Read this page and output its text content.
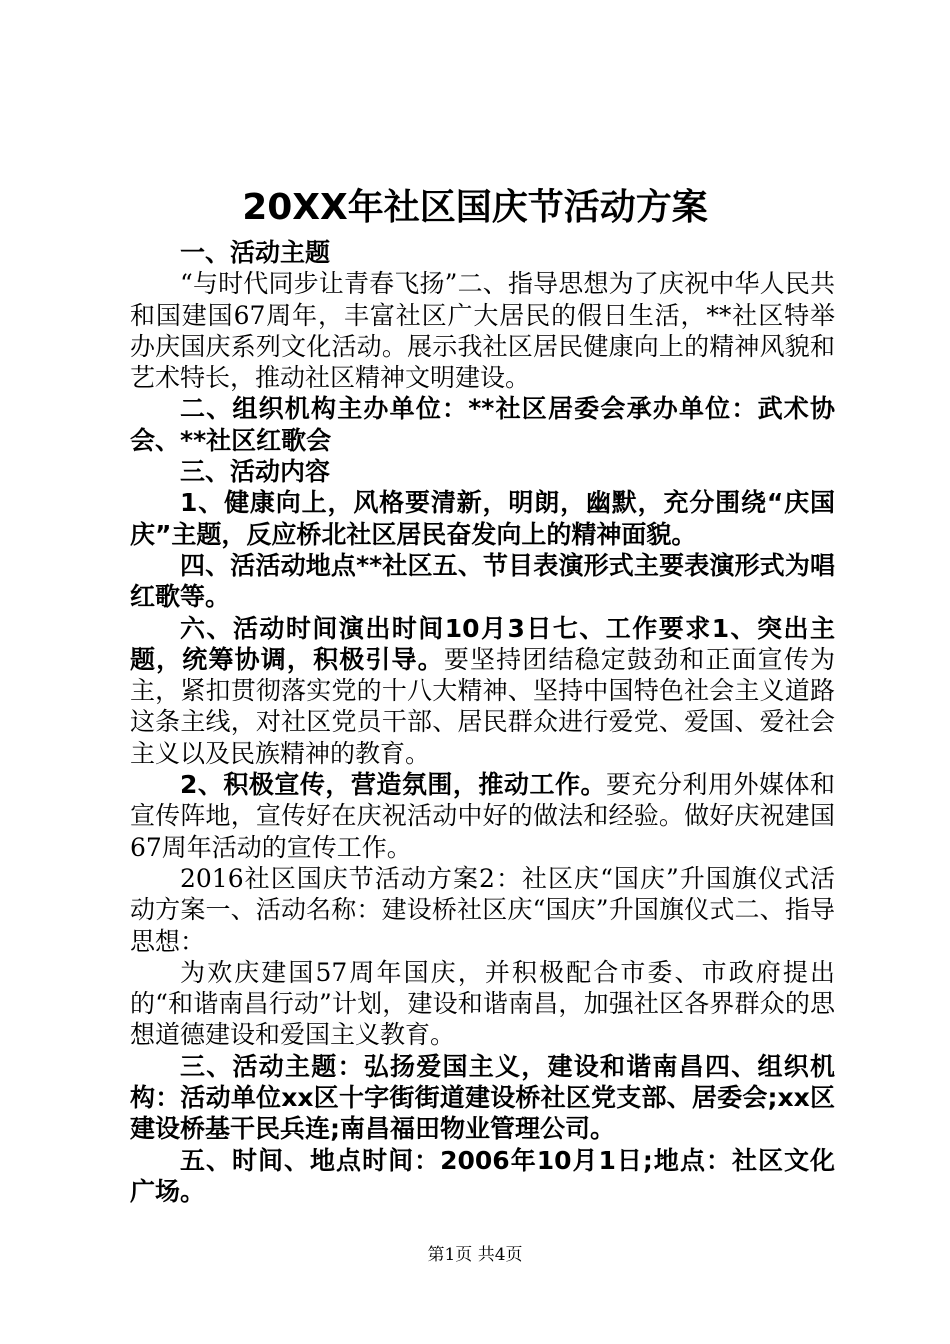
20XX年社区国庆节活动方案

一、活动主题

“与时代同步让青春飞扬”二、指导思想为了庆祝中华人民共和国建国67周年，丰富社区广大居民的假日生活，**社区特举办庆国庆系列文化活动。展示我社区居民健康向上的精神风貌和艺术特长，推动社区精神文明建设。

二、组织机构主办单位：**社区居委会承办单位：武术协会、**社区红歌会

三、活动内容

1、健康向上，风格要清新，明朗，幽默，充分围绕“庆国庆”主题，反应桥北社区居民奋发向上的精神面貌。

四、活活动地点**社区五、节目表演形式主要表演形式为唱红歌等。

六、活动时间演出时间10月3日七、工作要求1、突出主题，统筹协调，积极引导。要坚持团结稳定鼓劲和正面宣传为主，紧扣贯彻落实党的十八大精神、坚持中国特色社会主义道路这条主线，对社区党员干部、居民群众进行爱党、爱国、爱社会主义以及民族精神的教育。

2、积极宣传，营造氛围，推动工作。要充分利用外媒体和宣传阵地，宣传好在庆祝活动中好的做法和经验。做好庆祝建国67周年活动的宣传工作。

2016社区国庆节活动方案2：社区庆“国庆”升国旗仪式活动方案一、活动名称：建设桥社区庆“国庆”升国旗仪式二、指导思想：

为欢庆建国57周年国庆，并积极配合市委、市政府提出的“和谐南昌行动”计划，建设和谐南昌，加强社区各界群众的思想道德建设和爱国主义教育。

三、活动主题：弘扬爱国主义，建设和谐南昌四、组织机构：活动单位xx区十字街街道建设桥社区党支部、居委会;xx区建设桥基干民兵连;南昌福田物业管理公司。

五、时间、地点时间：2006年10月1日;地点：社区文化广场。

第1页 共4页
